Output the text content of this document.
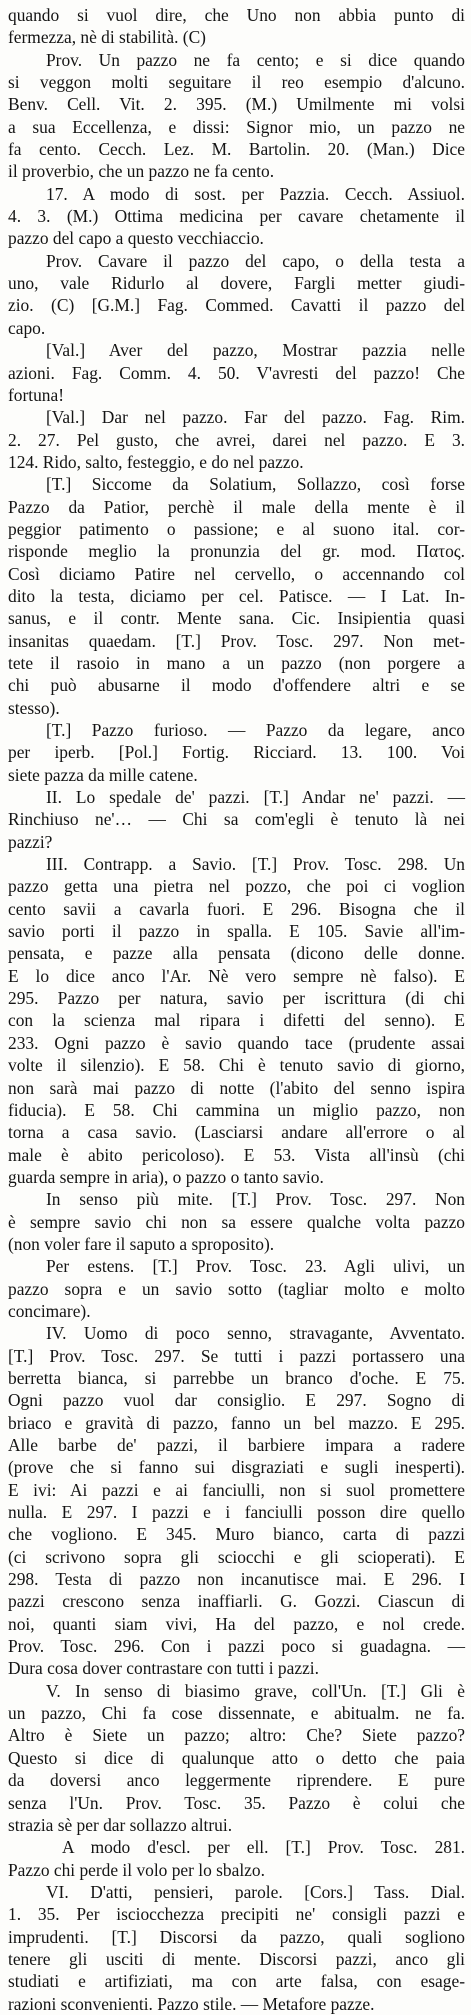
quando si vuol dire, che Uno non abbia punto di
fermezza, nè di stabilità. (C)
Prov. Un pazzo ne fa cento; e si dice quando
si veggon molti seguitare il reo esempio d'alcuno.
Benv. Cell. Vit. 2. 395. (M.) Umilmente mi volsi
a sua Eccellenza, e dissi: Signor mio, un pazzo ne
fa cento. Cecch. Lez. M. Bartolin. 20. (Man.) Dice
il proverbio, che un pazzo ne fa cento.
17. A modo di sost. per Pazzia. Cecch. Assiuol.
4. 3. (M.) Ottima medicina per cavare chetamente il
pazzo del capo a questo vecchiaccio.
Prov. Cavare il pazzo del capo, o della testa a
uno, vale Ridurlo al dovere, Fargli metter giudi-
zio. (C) [G.M.] Fag. Commed. Cavatti il pazzo del
capo.
[Val.] Aver del pazzo, Mostrar pazzia nelle
azioni. Fag. Comm. 4. 50. V'avresti del pazzo! Che
fortuna!
[Val.] Dar nel pazzo. Far del pazzo. Fag. Rim.
2. 27. Pel gusto, che avrei, darei nel pazzo. E 3.
124. Rido, salto, festeggio, e do nel pazzo.
[T.] Siccome da Solatium, Sollazzo, così forse
Pazzo da Patior, perchè il male della mente è il
peggior patimento o passione; e al suono ital. cor-
risponde meglio la pronunzia del gr. mod. Πατος.
Così diciamo Patire nel cervello, o accennando col
dito la testa, diciamo per cel. Patisce. — I Lat. In-
sanus, e il contr. Mente sana. Cic. Insipientia quasi
insanitas quaedam. [T.] Prov. Tosc. 297. Non met-
tete il rasoio in mano a un pazzo (non porgere a
chi può abusarne il modo d'offendere altri e se
stesso).
[T.] Pazzo furioso. — Pazzo da legare, anco
per iperb. [Pol.] Fortig. Ricciard. 13. 100. Voi
siete pazza da mille catene.
II. Lo spedale de' pazzi. [T.] Andar ne' pazzi. —
Rinchiuso ne'… — Chi sa com'egli è tenuto là nei
pazzi?
III. Contrapp. a Savio. [T.] Prov. Tosc. 298. Un
pazzo getta una pietra nel pozzo, che poi ci voglion
cento savii a cavarla fuori. E 296. Bisogna che il
savio porti il pazzo in spalla. E 105. Savie all'im-
pensata, e pazze alla pensata (dicono delle donne.
E lo dice anco l'Ar. Nè vero sempre nè falso). E
295. Pazzo per natura, savio per iscrittura (di chi
con la scienza mal ripara i difetti del senno). E
233. Ogni pazzo è savio quando tace (prudente assai
volte il silenzio). E 58. Chi è tenuto savio di giorno,
non sarà mai pazzo di notte (l'abito del senno ispira
fiducia). E 58. Chi cammina un miglio pazzo, non
torna a casa savio. (Lasciarsi andare all'errore o al
male è abito pericoloso). E 53. Vista all'insù (chi
guarda sempre in aria), o pazzo o tanto savio.
In senso più mite. [T.] Prov. Tosc. 297. Non
è sempre savio chi non sa essere qualche volta pazzo
(non voler fare il saputo a sproposito).
Per estens. [T.] Prov. Tosc. 23. Agli ulivi, un
pazzo sopra e un savio sotto (tagliar molto e molto
concimare).
IV. Uomo di poco senno, stravagante, Avventato.
[T.] Prov. Tosc. 297. Se tutti i pazzi portassero una
berretta bianca, si parrebbe un branco d'oche. E 75.
Ogni pazzo vuol dar consiglio. E 297. Sogno di
briaco e gravità di pazzo, fanno un bel mazzo. E 295.
Alle barbe de' pazzi, il barbiere impara a radere
(prove che si fanno sui disgraziati e sugli inesperti).
E ivi: Ai pazzi e ai fanciulli, non si suol promettere
nulla. E 297. I pazzi e i fanciulli posson dire quello
che vogliono. E 345. Muro bianco, carta di pazzi
(ci scrivono sopra gli sciocchi e gli scioperati). E
298. Testa di pazzo non incanutisce mai. E 296. I
pazzi crescono senza inaffiarli. G. Gozzi. Ciascun di
noi, quanti siam vivi, Ha del pazzo, e nol crede.
Prov. Tosc. 296. Con i pazzi poco si guadagna. —
Dura cosa dover contrastare con tutti i pazzi.
V. In senso di biasimo grave, coll'Un. [T.] Gli è
un pazzo, Chi fa cose dissennate, e abitualm. ne fa.
Altro è Siete un pazzo; altro: Che? Siete pazzo?
Questo si dice di qualunque atto o detto che paia
da doversi anco leggermente riprendere. E pure
senza l'Un. Prov. Tosc. 35. Pazzo è colui che
strazia sè per dar sollazzo altrui.
A modo d'escl. per ell. [T.] Prov. Tosc. 281.
Pazzo chi perde il volo per lo sbalzo.
VI. D'atti, pensieri, parole. [Cors.] Tass. Dial.
1. 35. Per isciocchezza precipiti ne' consigli pazzi e
imprudenti. [T.] Discorsi da pazzo, quali sogliono
tenere gli usciti di mente. Discorsi pazzi, anco gli
studiati e artifiziati, ma con arte falsa, con esage-
razioni sconvenienti. Pazzo stile. — Metafore pazze.
